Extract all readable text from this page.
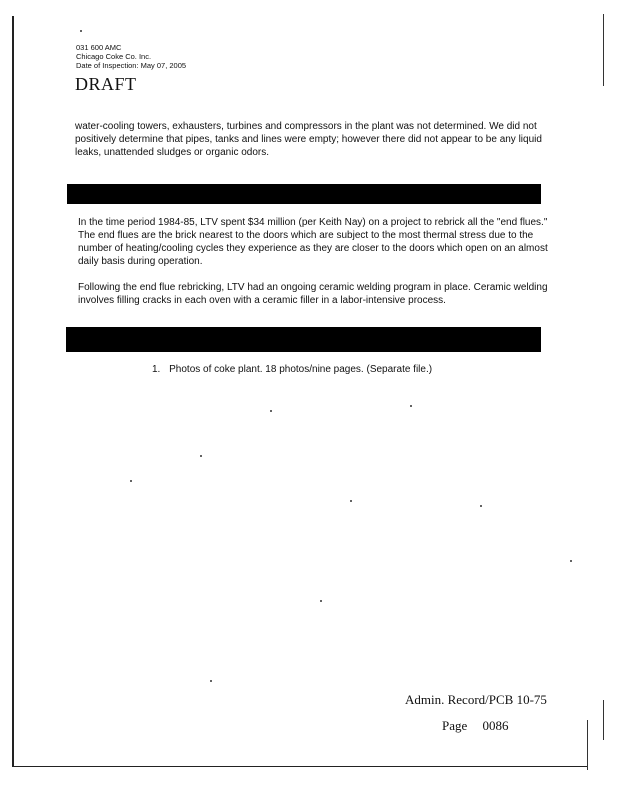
031 600 AMC
Chicago Coke Co. Inc.
Date of Inspection: May 07, 2005
DRAFT
water-cooling towers, exhausters, turbines and compressors in the plant was not determined. We did not positively determine that pipes, tanks and lines were empty; however there did not appear to be any liquid leaks, unattended sludges or organic odors.
In the time period 1984-85, LTV spent $34 million (per Keith Nay) on a project to rebrick all the "end flues." The end flues are the brick nearest to the doors which are subject to the most thermal stress due to the number of heating/cooling cycles they experience as they are closer to the doors which open on an almost daily basis during operation.
Following the end flue rebricking, LTV had an ongoing ceramic welding program in place. Ceramic welding involves filling cracks in each oven with a ceramic filler in a labor-intensive process.
1. Photos of coke plant. 18 photos/nine pages. (Separate file.)
Admin. Record/PCB 10-75
Page 0086
